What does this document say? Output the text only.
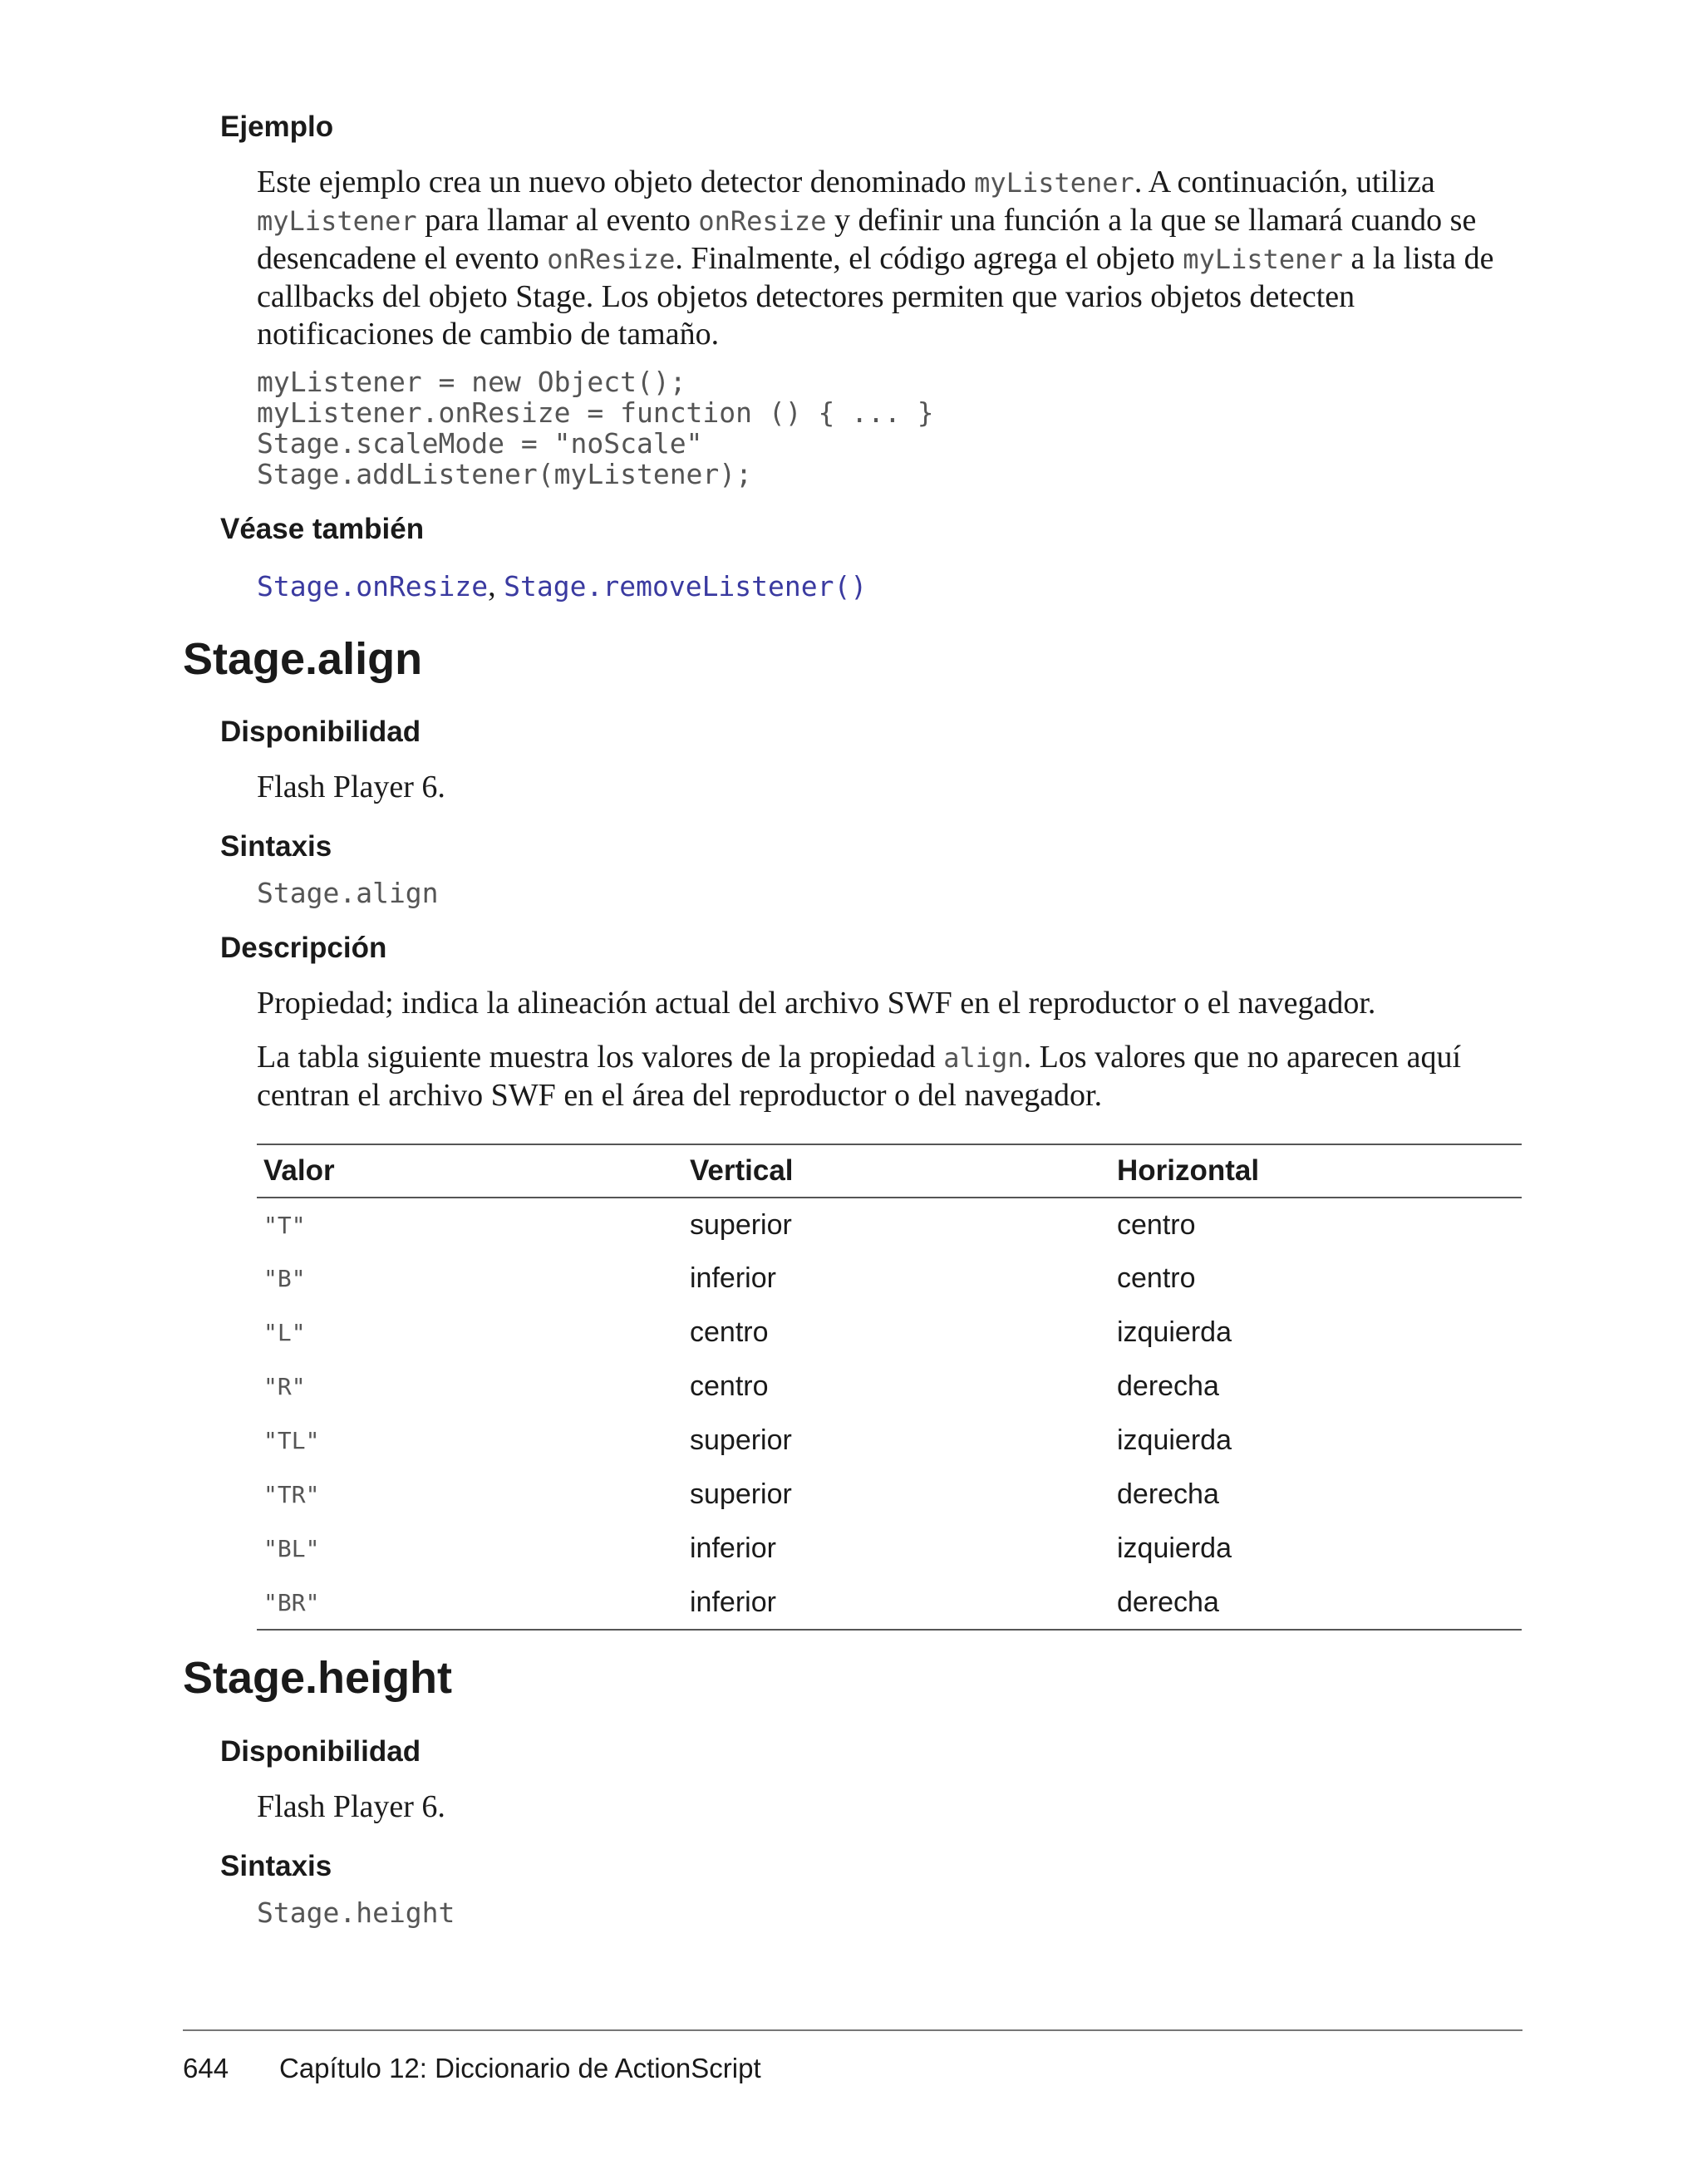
Ejemplo

Este ejemplo crea un nuevo objeto detector denominado myListener. A continuación, utiliza myListener para llamar al evento onResize y definir una función a la que se llamará cuando se desencadene el evento onResize. Finalmente, el código agrega el objeto myListener a la lista de callbacks del objeto Stage. Los objetos detectores permiten que varios objetos detecten notificaciones de cambio de tamaño.

myListener = new Object();
myListener.onResize = function () { ... }
Stage.scaleMode = "noScale"
Stage.addListener(myListener);
Véase también
Stage.onResize, Stage.removeListener()
Stage.align
Disponibilidad

Flash Player 6.

Sintaxis
Stage.align
Descripción

Propiedad; indica la alineación actual del archivo SWF en el reproductor o el navegador.

La tabla siguiente muestra los valores de la propiedad align. Los valores que no aparecen aquí centran el archivo SWF en el área del reproductor o del navegador.

Valor	Vertical	Horizontal
"T"	superior	centro
"B"	inferior	centro
"L"	centro	izquierda
"R"	centro	derecha
"TL"	superior	izquierda
"TR"	superior	derecha
"BL"	inferior	izquierda
"BR"	inferior	derecha
Stage.height
Disponibilidad

Flash Player 6.

Sintaxis
Stage.height
644 Capítulo 12: Diccionario de ActionScript
